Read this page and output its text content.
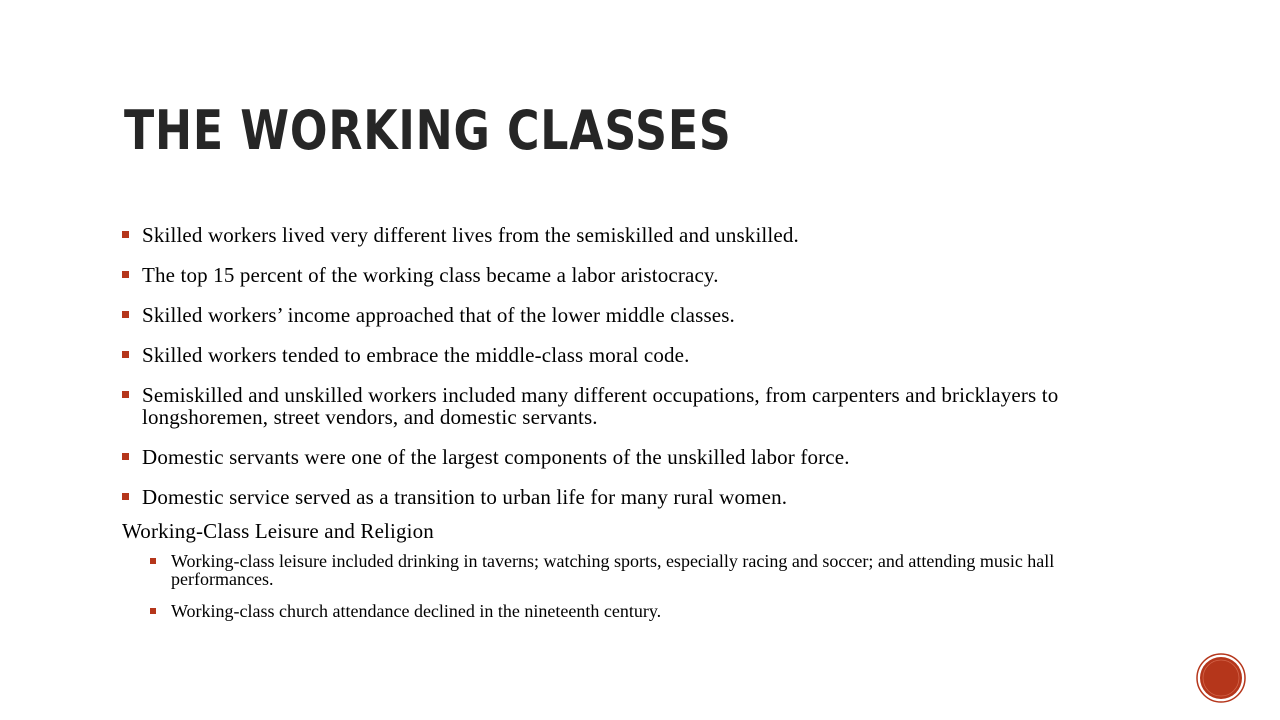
THE WORKING CLASSES
Skilled workers lived very different lives from the semiskilled and unskilled.
The top 15 percent of the working class became a labor aristocracy.
Skilled workers’ income approached that of the lower middle classes.
Skilled workers tended to embrace the middle-class moral code.
Semiskilled and unskilled workers included many different occupations, from carpenters and bricklayers to longshoremen, street vendors, and domestic servants.
Domestic servants were one of the largest components of the unskilled labor force.
Domestic service served as a transition to urban life for many rural women.
Working-Class Leisure and Religion
Working-class leisure included drinking in taverns; watching sports, especially racing and soccer; and attending music hall performances.
Working-class church attendance declined in the nineteenth century.
